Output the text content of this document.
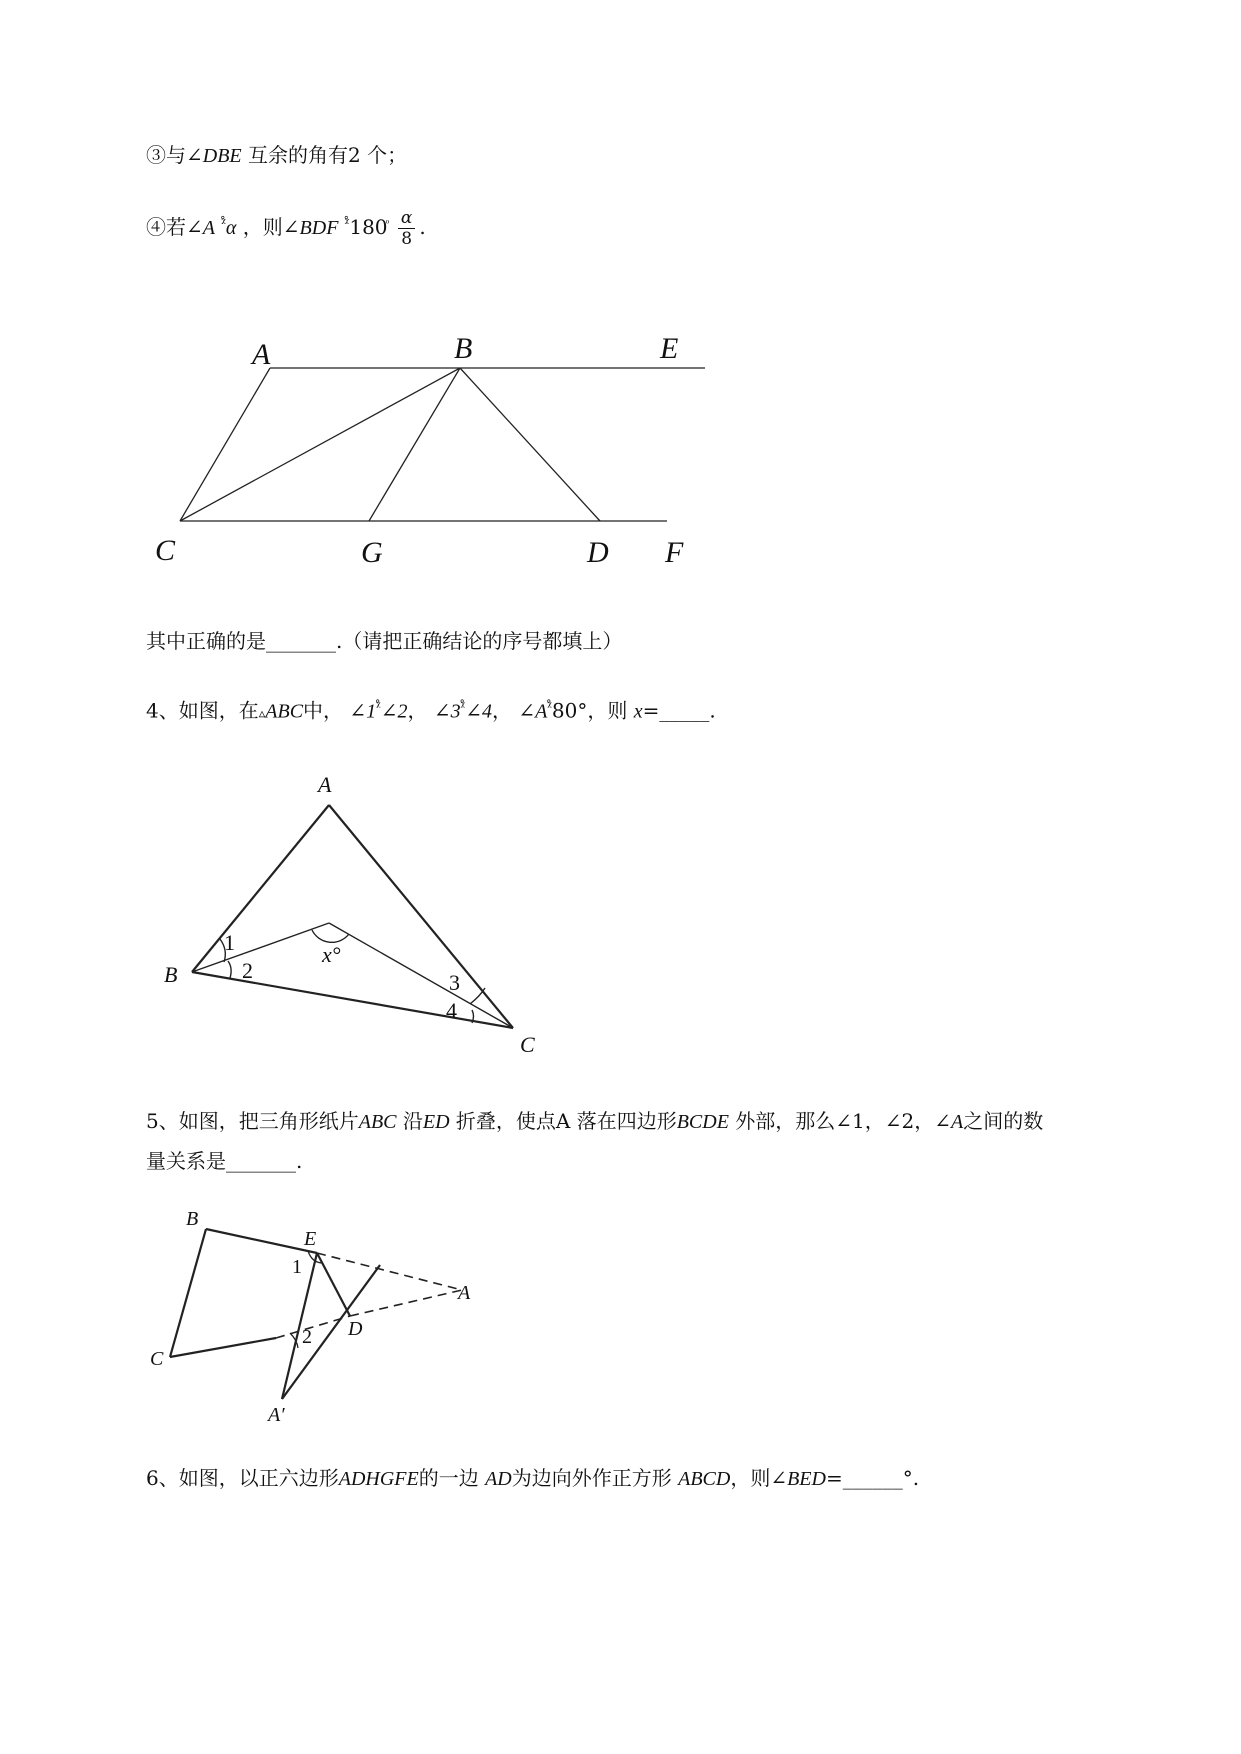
③与∠DBE 互余的角有2 个；
④若∠A $^{ᵡ̊}$α ，则∠BDF $^{ᵡ̊}180 \frac{\alpha}{8}$ .
A	B	E
C	G	D F
其中正确的是_______.（请把正确结论的序号都填上）
4、如图，在▵ABC中， $\angle 1^{ᵡ̊}\angle 2$， $\angle 3^{ᵡ̊}\angle 4$， $\angle A^{ᵡ̊}80^\circ$，则 x=_____.
A
B
C
1
2	3
4
x°
5、如图，把三角形纸片ABC 沿ED 折叠，使点A 落在四边形BCDE 外部，那么∠1，∠2，∠A之间的数
量关系是_______.
B
E
A
C
D
A′
1
2
6、如图，以正六边形ADHGFE的一边 AD为边向外作正方形 ABCD，则∠BED=______°.
